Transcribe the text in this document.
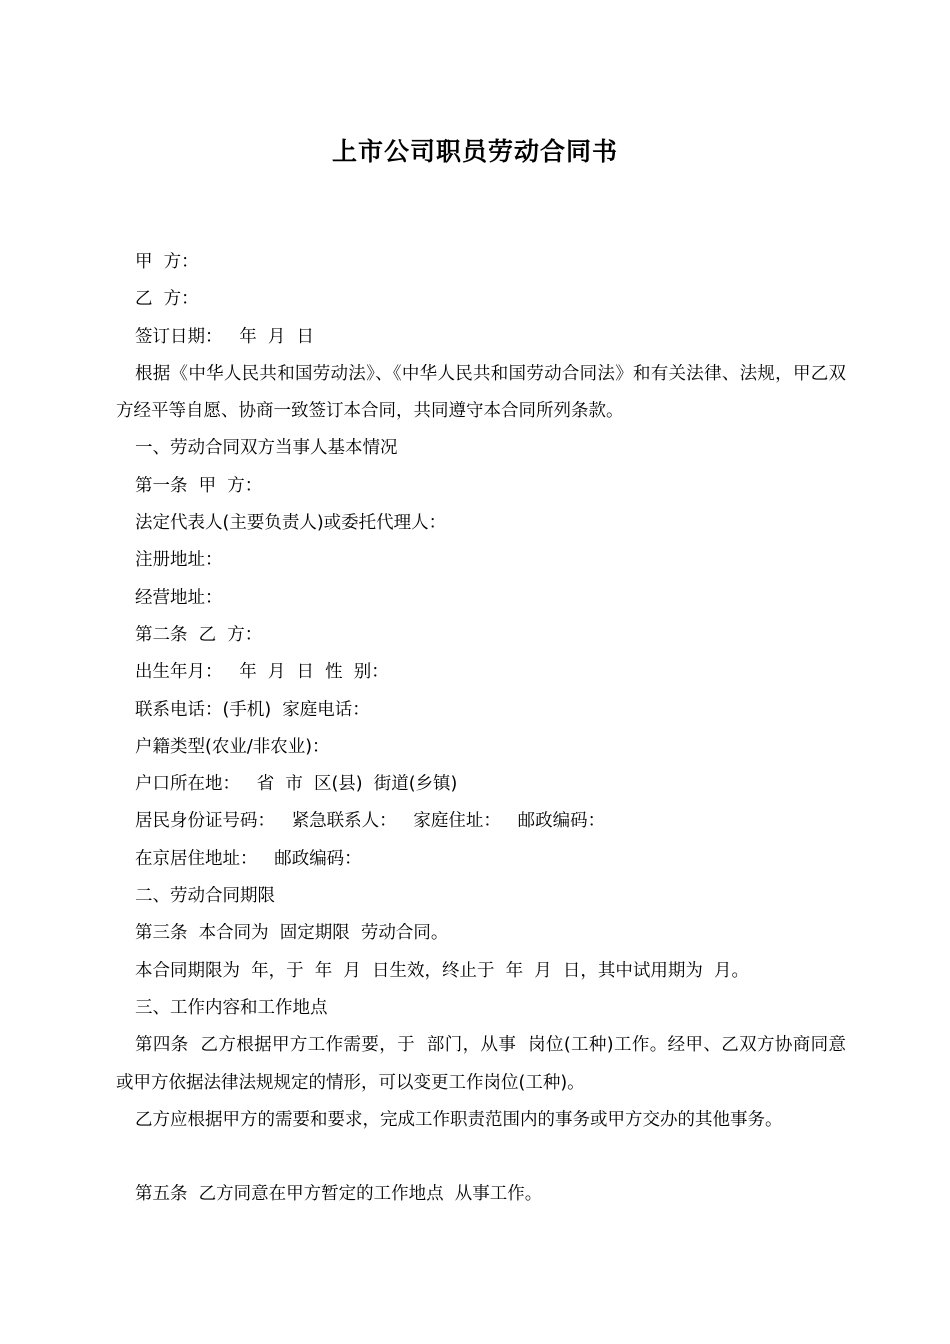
上市公司职员劳动合同书

甲  方：

乙  方：

签订日期：   年  月  日

根据《中华人民共和国劳动法》、《中华人民共和国劳动合同法》和有关法律、法规，甲乙双方经平等自愿、协商一致签订本合同，共同遵守本合同所列条款。

一、劳动合同双方当事人基本情况

第一条  甲  方：

法定代表人(主要负责人)或委托代理人：

注册地址：

经营地址：

第二条  乙  方：

出生年月：   年  月  日  性  别：

联系电话：(手机)  家庭电话：

户籍类型(农业/非农业)：

户口所在地：   省  市  区(县)  街道(乡镇)

居民身份证号码：   紧急联系人：   家庭住址：   邮政编码：

在京居住地址：   邮政编码：

二、劳动合同期限

第三条  本合同为  固定期限  劳动合同。

本合同期限为  年，于  年  月  日生效，终止于  年  月  日，其中试用期为  月。

三、工作内容和工作地点

第四条  乙方根据甲方工作需要，于  部门，从事  岗位(工种)工作。经甲、乙双方协商同意或甲方依据法律法规规定的情形，可以变更工作岗位(工种)。

乙方应根据甲方的需要和要求，完成工作职责范围内的事务或甲方交办的其他事务。

第五条  乙方同意在甲方暂定的工作地点  从事工作。
